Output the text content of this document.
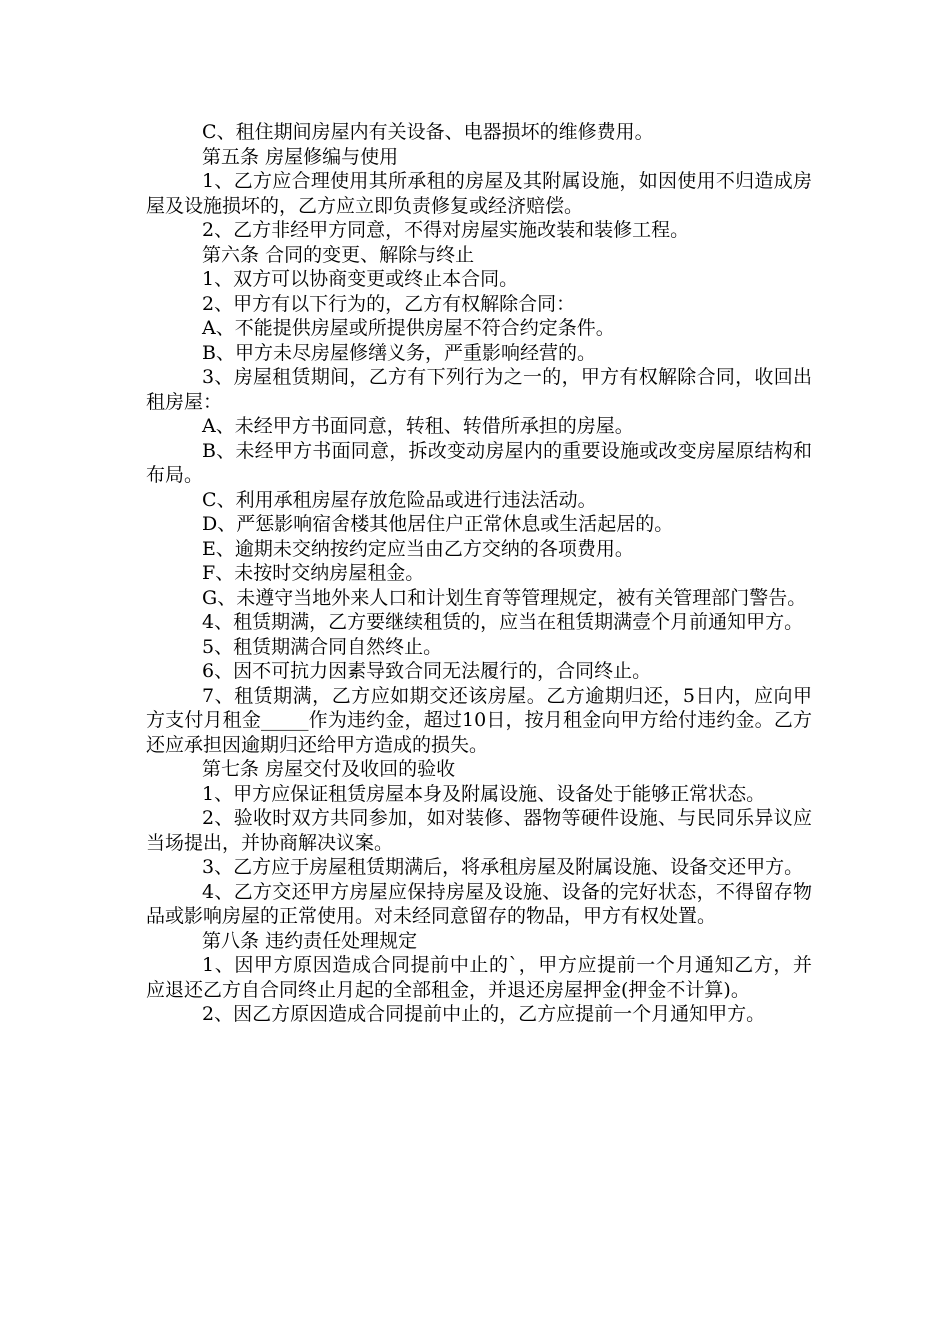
C、租住期间房屋内有关设备、电器损坏的维修费用。

第五条 房屋修编与使用

1、乙方应合理使用其所承租的房屋及其附属设施，如因使用不归造成房屋及设施损坏的，乙方应立即负责修复或经济赔偿。

2、乙方非经甲方同意，不得对房屋实施改装和装修工程。

第六条 合同的变更、解除与终止

1、双方可以协商变更或终止本合同。

2、甲方有以下行为的，乙方有权解除合同：

A、不能提供房屋或所提供房屋不符合约定条件。

B、甲方未尽房屋修缮义务，严重影响经营的。

3、房屋租赁期间，乙方有下列行为之一的，甲方有权解除合同，收回出租房屋：

A、未经甲方书面同意，转租、转借所承担的房屋。

B、未经甲方书面同意，拆改变动房屋内的重要设施或改变房屋原结构和布局。

C、利用承租房屋存放危险品或进行违法活动。

D、严惩影响宿舍楼其他居住户正常休息或生活起居的。

E、逾期未交纳按约定应当由乙方交纳的各项费用。

F、未按时交纳房屋租金。

G、未遵守当地外来人口和计划生育等管理规定，被有关管理部门警告。

4、租赁期满，乙方要继续租赁的，应当在租赁期满壹个月前通知甲方。

5、租赁期满合同自然终止。

6、因不可抗力因素导致合同无法履行的，合同终止。

7、租赁期满，乙方应如期交还该房屋。乙方逾期归还，5日内，应向甲方支付月租金_____作为违约金，超过10日，按月租金向甲方给付违约金。乙方还应承担因逾期归还给甲方造成的损失。

第七条 房屋交付及收回的验收

1、甲方应保证租赁房屋本身及附属设施、设备处于能够正常状态。

2、验收时双方共同参加，如对装修、器物等硬件设施、与民同乐异议应当场提出，并协商解决议案。

3、乙方应于房屋租赁期满后，将承租房屋及附属设施、设备交还甲方。

4、乙方交还甲方房屋应保持房屋及设施、设备的完好状态，不得留存物品或影响房屋的正常使用。对未经同意留存的物品，甲方有权处置。

第八条 违约责任处理规定

1、因甲方原因造成合同提前中止的`，甲方应提前一个月通知乙方，并应退还乙方自合同终止月起的全部租金，并退还房屋押金(押金不计算)。

2、因乙方原因造成合同提前中止的，乙方应提前一个月通知甲方。
